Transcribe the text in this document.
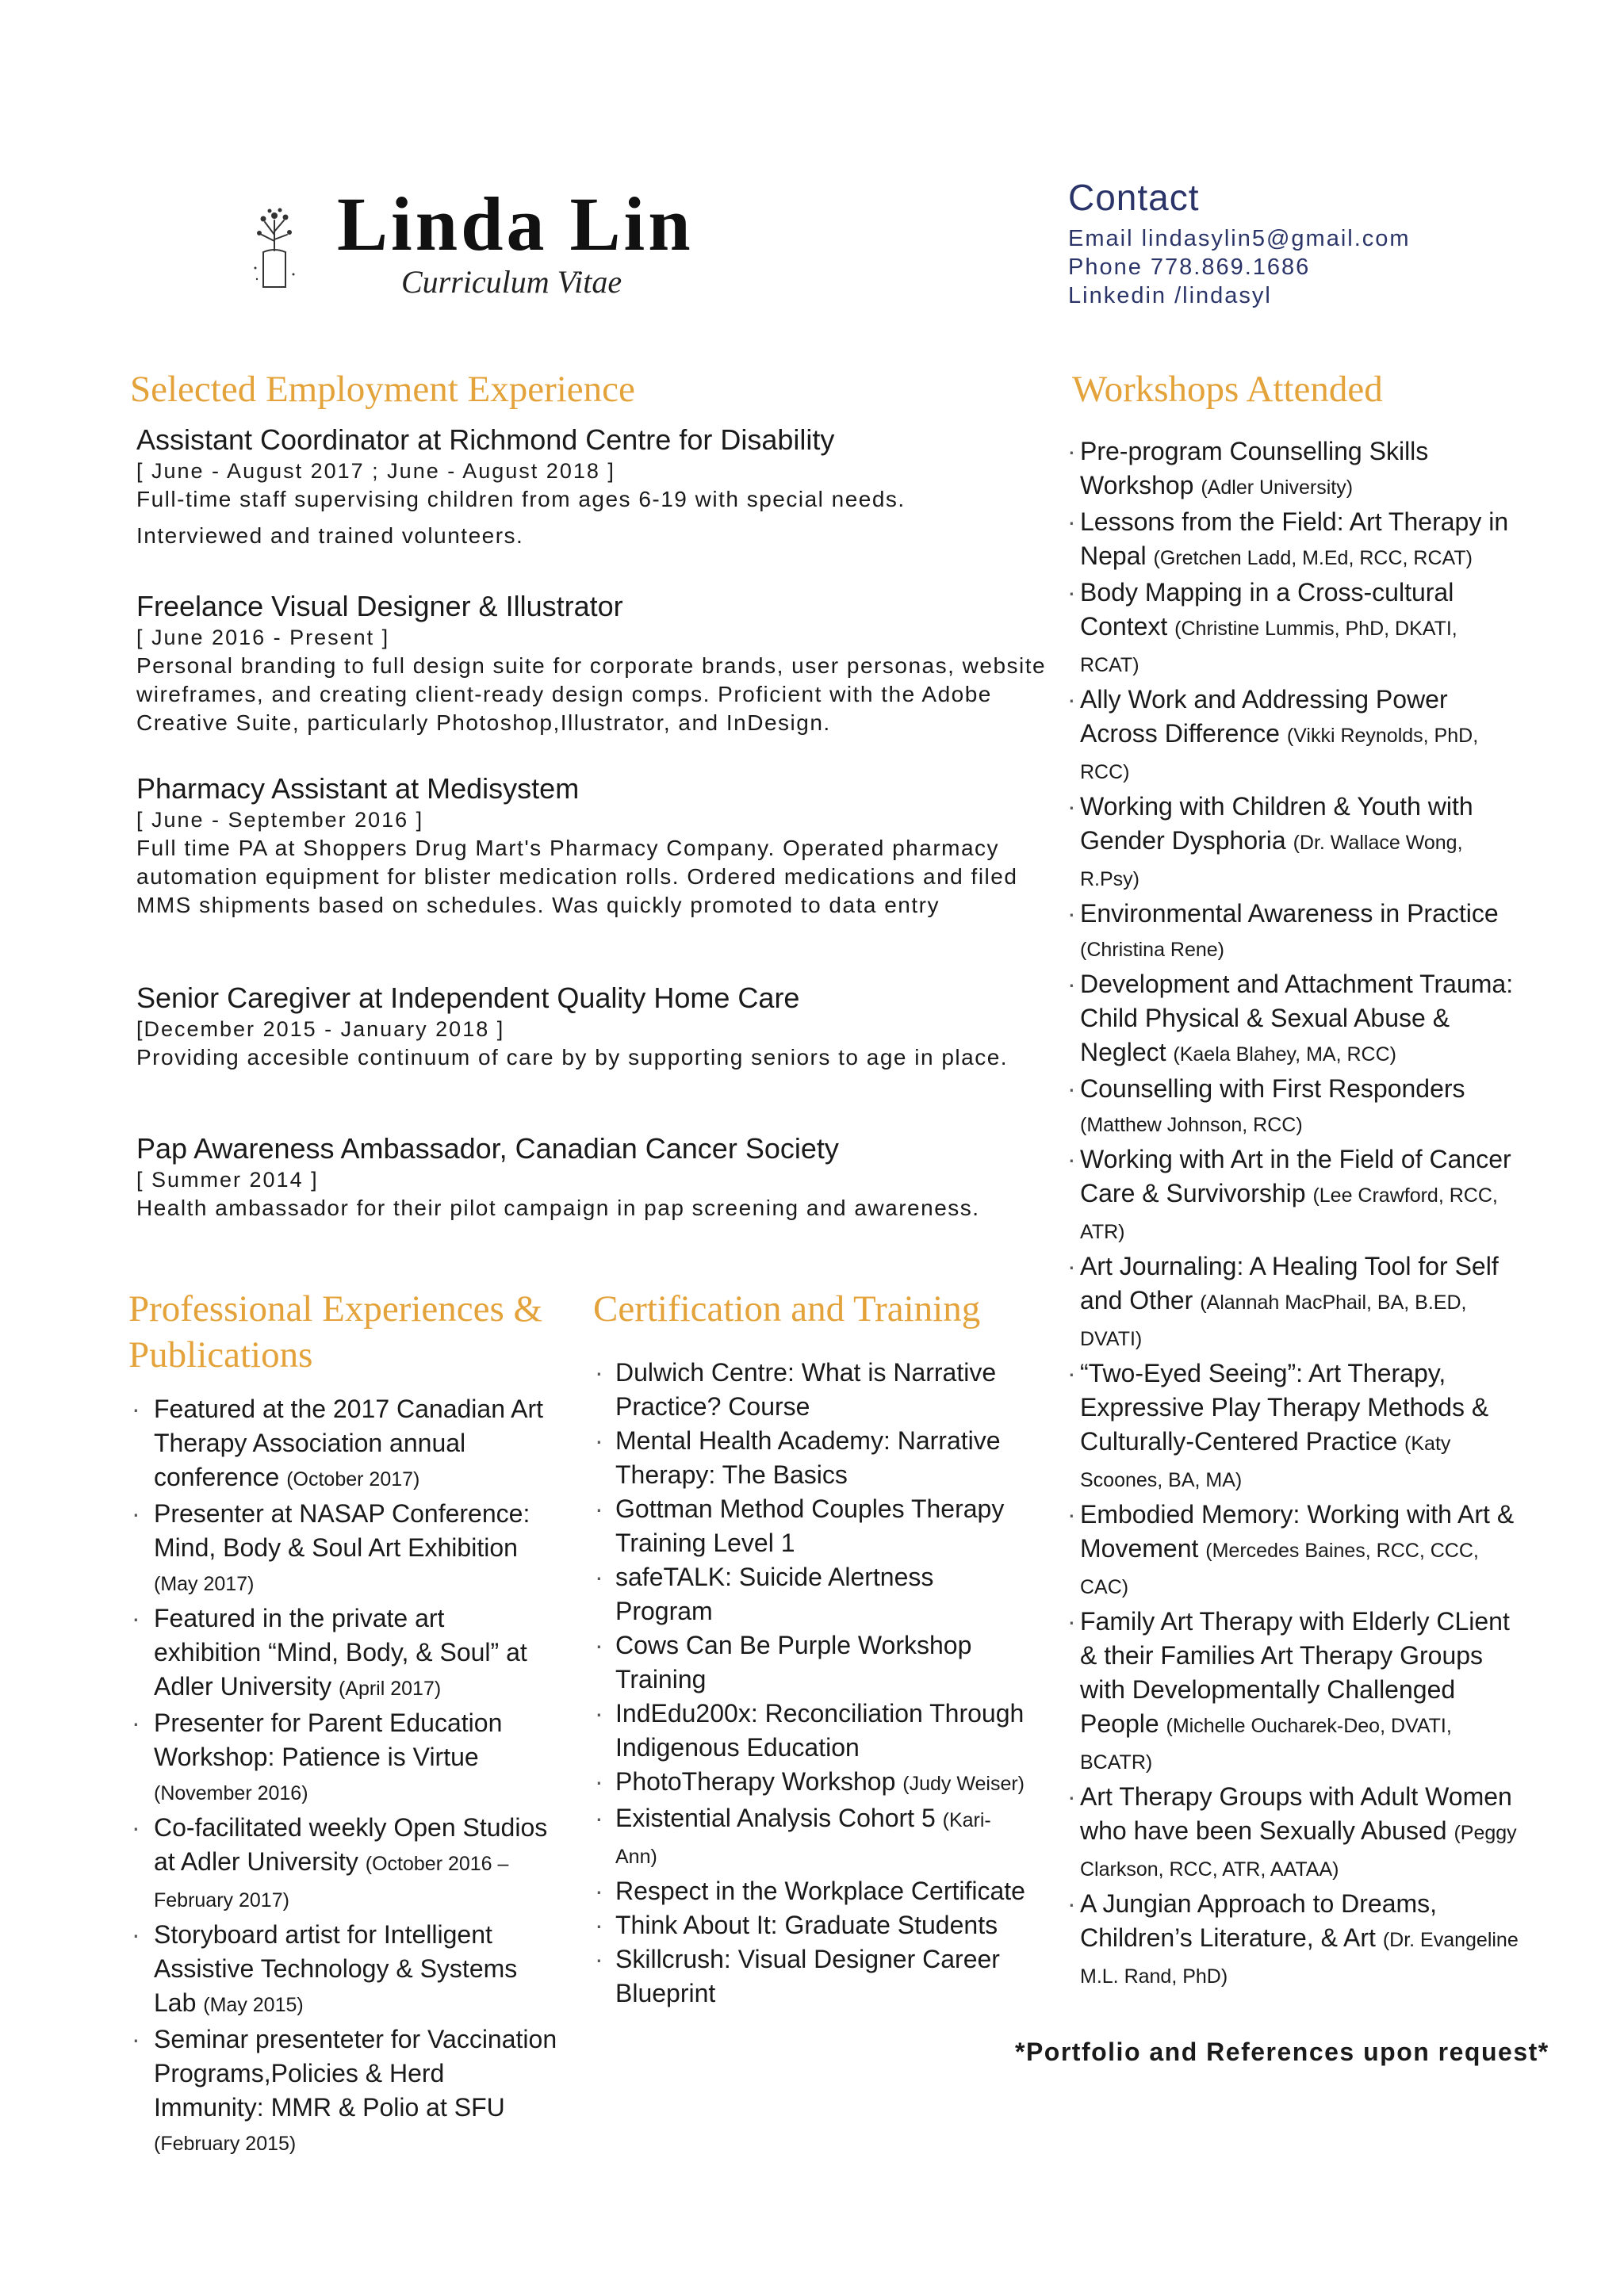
Linda Lin
Curriculum Vitae
Contact
Email lindasylin5@gmail.com
Phone 778.869.1686
Linkedin /lindasyl
Selected Employment Experience
Assistant Coordinator at Richmond Centre for Disability
[ June - August 2017 ; June - August 2018 ]
Full-time staff supervising children from ages 6-19 with special needs.
Interviewed and trained volunteers.
Freelance Visual Designer & Illustrator
[ June 2016 - Present ]
Personal branding to full design suite for corporate brands, user personas, website wireframes, and creating client-ready design comps. Proficient with the Adobe Creative Suite, particularly Photoshop,Illustrator, and InDesign.
Pharmacy Assistant at Medisystem
[ June - September 2016 ]
Full time PA at Shoppers Drug Mart's Pharmacy Company. Operated pharmacy automation equipment for blister medication rolls. Ordered medications and filed MMS shipments based on schedules. Was quickly promoted to data entry
Senior Caregiver at Independent Quality Home Care
[December 2015 - January 2018 ]
Providing accesible continuum of care by by supporting seniors to age in place.
Pap Awareness Ambassador, Canadian Cancer Society
[ Summer 2014 ]
Health ambassador for their pilot campaign in pap screening and awareness.
Professional Experiences &
Publications
· Featured at the 2017 Canadian Art Therapy Association annual conference (October 2017)
· Presenter at NASAP Conference: Mind, Body & Soul Art Exhibition (May 2017)
· Featured in the private art exhibition “Mind, Body, & Soul” at Adler University (April 2017)
· Presenter for Parent Education Workshop: Patience is Virtue (November 2016)
· Co-facilitated weekly Open Studios at Adler University (October 2016 – February 2017)
· Storyboard artist for Intelligent Assistive Technology & Systems Lab (May 2015)
· Seminar presenteter for Vaccination Programs,Policies & Herd Immunity: MMR & Polio at SFU (February 2015)
Certification and Training
· Dulwich Centre: What is Narrative Practice? Course
· Mental Health Academy: Narrative Therapy: The Basics
· Gottman Method Couples Therapy Training Level 1
· safeTALK: Suicide Alertness Program
· Cows Can Be Purple Workshop Training
· IndEdu200x: Reconciliation Through Indigenous Education
· PhotoTherapy Workshop (Judy Weiser)
· Existential Analysis Cohort 5 (Kari-Ann)
· Respect in the Workplace Certificate
· Think About It: Graduate Students
· Skillcrush: Visual Designer Career Blueprint
Workshops Attended
· Pre-program Counselling Skills Workshop (Adler University)
· Lessons from the Field: Art Therapy in Nepal (Gretchen Ladd, M.Ed, RCC, RCAT)
· Body Mapping in a Cross-cultural Context (Christine Lummis, PhD, DKATI, RCAT)
· Ally Work and Addressing Power Across Difference (Vikki Reynolds, PhD, RCC)
· Working with Children & Youth with Gender Dysphoria (Dr. Wallace Wong, R.Psy)
· Environmental Awareness in Practice (Christina Rene)
· Development and Attachment Trauma: Child Physical & Sexual Abuse & Neglect (Kaela Blahey, MA, RCC)
· Counselling with First Responders (Matthew Johnson, RCC)
· Working with Art in the Field of Cancer Care & Survivorship (Lee Crawford, RCC, ATR)
· Art Journaling: A Healing Tool for Self and Other (Alannah MacPhail, BA, B.ED, DVATI)
· “Two-Eyed Seeing”: Art Therapy, Expressive Play Therapy Methods & Culturally-Centered Practice (Katy Scoones, BA, MA)
· Embodied Memory: Working with Art & Movement (Mercedes Baines, RCC, CCC, CAC)
· Family Art Therapy with Elderly CLient & their Families Art Therapy Groups with Developmentally Challenged People (Michelle Oucharek-Deo, DVATI, BCATR)
· Art Therapy Groups with Adult Women who have been Sexually Abused (Peggy Clarkson, RCC, ATR, AATAA)
· A Jungian Approach to Dreams, Children’s Literature, & Art (Dr. Evangeline M.L. Rand, PhD)
*Portfolio and References upon request*
